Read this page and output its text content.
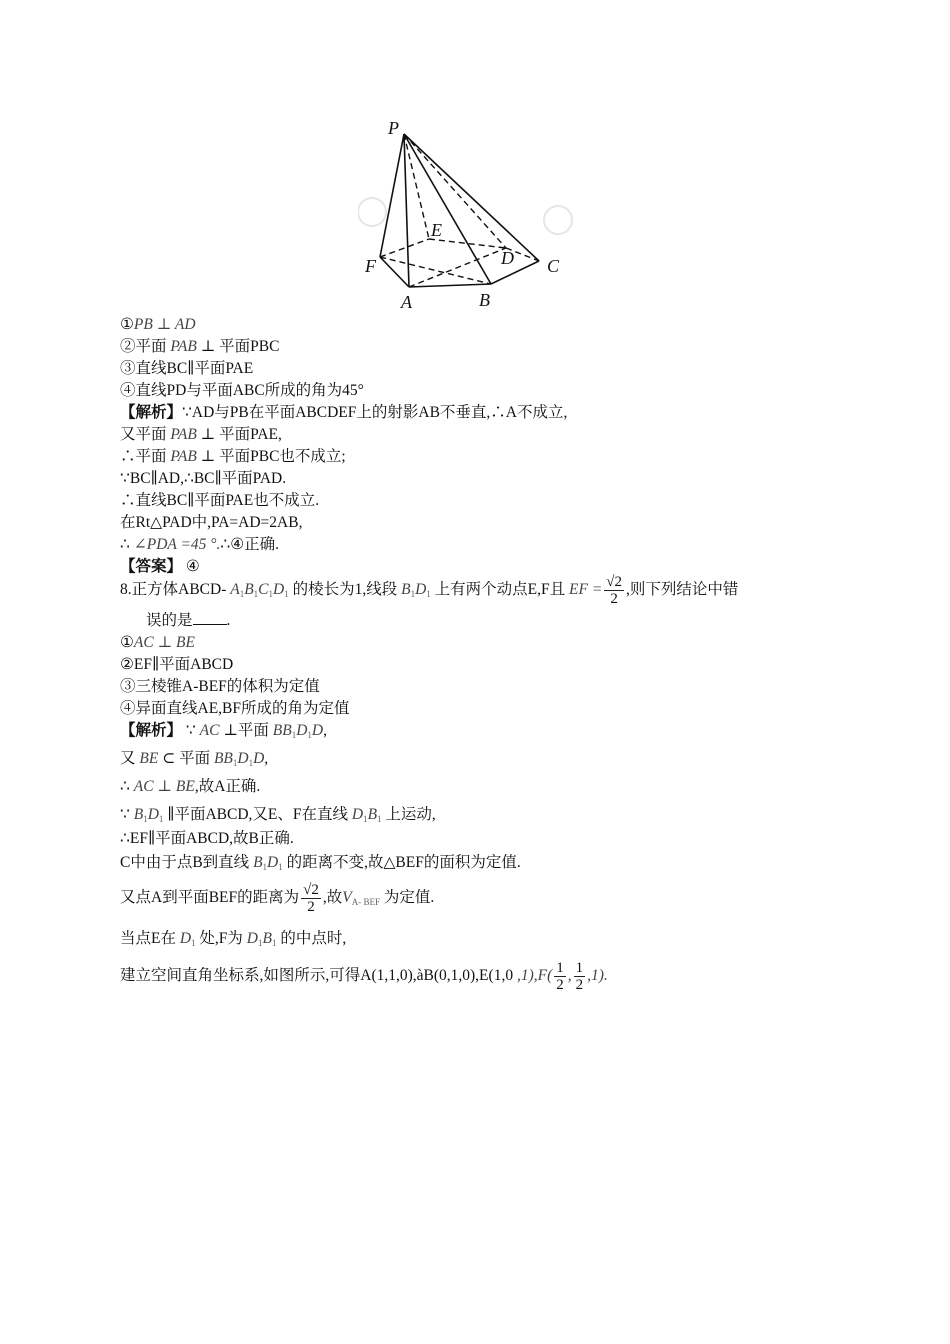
P
E
F	D C
A	B
①PB ⊥ AD
②平面 PAB ⊥ 平面PBC
③直线BC∥平面PAE
④直线PD与平面ABC所成的角为45°
【解析】∵AD与PB在平面ABCDEF上的射影AB不垂直,∴A不成立,
又平面 PAB ⊥ 平面PAE,
∴平面 PAB ⊥ 平面PBC也不成立;
∵BC∥AD,∴BC∥平面PAD.
∴直线BC∥平面PAE也不成立.
在Rt△PAD中,PA=AD=2AB,
∴ ∠PDA =45 °.∴④正确.
【答案】 ④
8.正方体ABCD- $A_1B_1C_1D_1$ 的棱长为1,线段 $B_1D_1$ 上有两个动点E,F且 EF = $\frac{√2}{2}$ ,则下列结论中错
误的是 .
①AC ⊥ BE
②EF∥平面ABCD
③三棱锥A-BEF的体积为定值
④异面直线AE,BF所成的角为定值
【解析】 ∵ AC ⊥平面 $BB_1D_1D$,
又 BE ⊂ 平面 $BB_1D_1D$,
∴ AC ⊥ BE,故A正确.
∵ $B_1D_1$ ∥平面ABCD,又E、F在直线 $D_1B_1$ 上运动,
∴EF∥平面ABCD,故B正确.
C中由于点B到直线 $B_1D_1$ 的距离不变,故△BEF的面积为定值.
又点A到平面BEF的距离为 $\frac{√2}{2}$ ,故$V_{A- BEF}$ 为定值.
当点E在 $D_1$ 处,F为 $D_1B_1$ 的中点时,
建立空间直角坐标系,如图所示,可得A(1,1,0),àB(0,1,0),E(1,0 $,1),F( \frac{1}{2}$ , $\frac{1}{2} ,1$).
